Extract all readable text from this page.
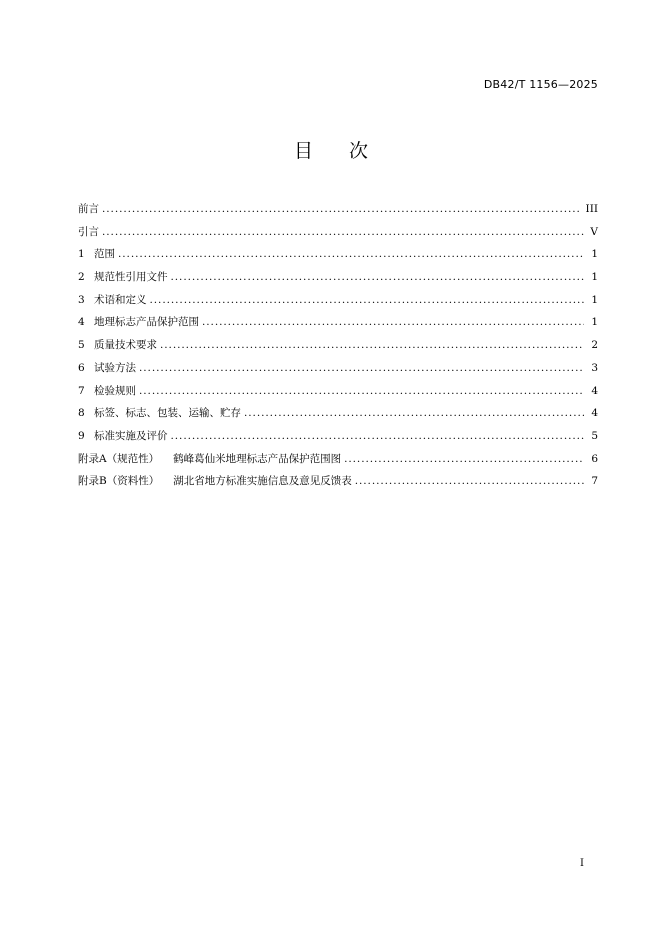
DB42/T 1156—2025
目 次
前言 . . .	III
引言 . . .	V
1 范围 . . .	1
2 规范性引用文件 . . .	1
3 术语和定义 . . .	1
4 地理标志产品保护范围 . . .	1
5 质量技术要求 . . .	2
6 试验方法 . . .	3
7 检验规则 . . .	4
8 标签、标志、包装、运输、贮存 . . .	4
9 标准实施及评价 . . .	5
附录A（规范性） 鹤峰葛仙米地理标志产品保护范围图 . . .	6
附录B（资料性） 湖北省地方标准实施信息及意见反馈表 . . .	7
I
